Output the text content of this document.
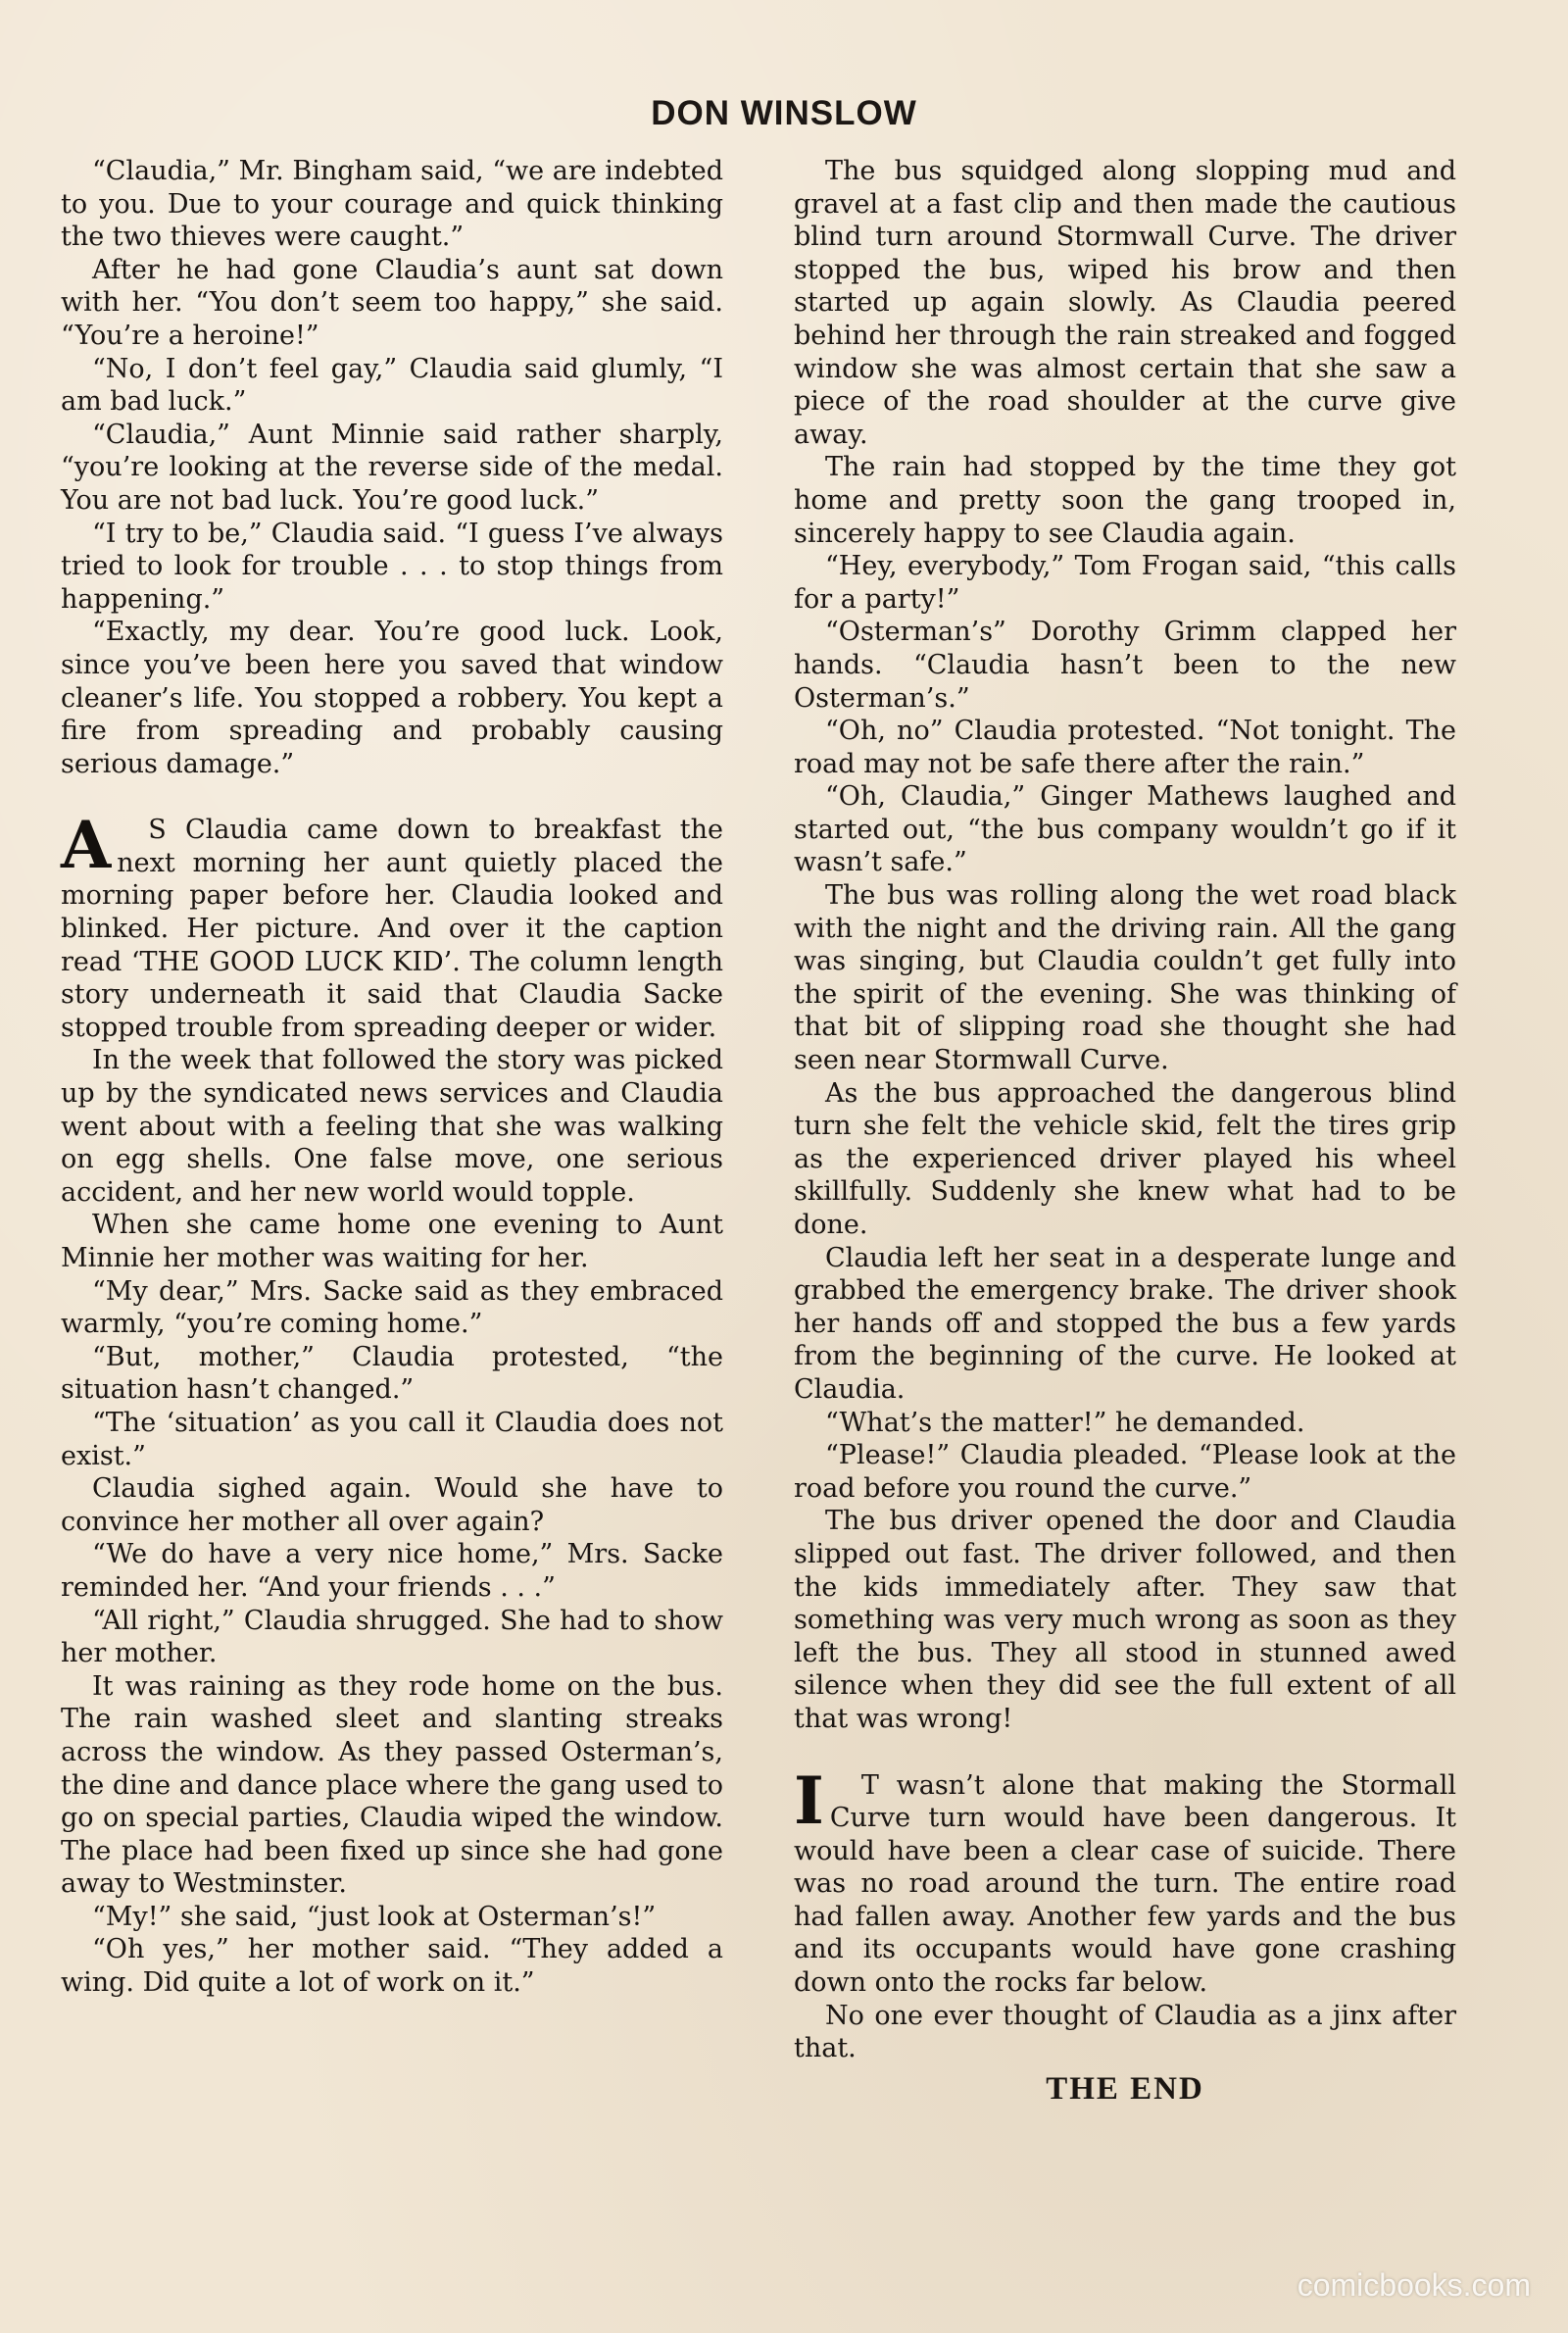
DON WINSLOW

“Claudia,” Mr. Bingham said, “we are indebted to you. Due to your courage and quick thinking the two thieves were caught.”

After he had gone Claudia’s aunt sat down with her. “You don’t seem too happy,” she said. “You’re a heroine!”

“No, I don’t feel gay,” Claudia said glumly, “I am bad luck.”

“Claudia,” Aunt Minnie said rather sharply, “you’re looking at the reverse side of the medal. You are not bad luck. You’re good luck.”

“I try to be,” Claudia said. “I guess I’ve always tried to look for trouble . . . to stop things from happening.”

“Exactly, my dear. You’re good luck. Look, since you’ve been here you saved that window cleaner’s life. You stopped a robbery. You kept a fire from spreading and probably causing serious damage.”

A S Claudia came down to breakfast the next morning her aunt quietly placed the morning paper before her. Claudia looked and blinked. Her picture. And over it the caption read ‘THE GOOD LUCK KID’. The column length story underneath it said that Claudia Sacke stopped trouble from spreading deeper or wider.

In the week that followed the story was picked up by the syndicated news services and Claudia went about with a feeling that she was walking on egg shells. One false move, one serious accident, and her new world would topple.

When she came home one evening to Aunt Minnie her mother was waiting for her.

“My dear,” Mrs. Sacke said as they embraced warmly, “you’re coming home.”

“But, mother,” Claudia protested, “the situation hasn’t changed.”

“The ‘situation’ as you call it Claudia does not exist.”

Claudia sighed again. Would she have to convince her mother all over again?

“We do have a very nice home,” Mrs. Sacke reminded her. “And your friends . . .”

“All right,” Claudia shrugged. She had to show her mother.

It was raining as they rode home on the bus. The rain washed sleet and slanting streaks across the window. As they passed Osterman’s, the dine and dance place where the gang used to go on special parties, Claudia wiped the window. The place had been fixed up since she had gone away to Westminster.

“My!” she said, “just look at Osterman’s!”

“Oh yes,” her mother said. “They added a wing. Did quite a lot of work on it.”

The bus squidged along slopping mud and gravel at a fast clip and then made the cautious blind turn around Stormwall Curve. The driver stopped the bus, wiped his brow and then started up again slowly. As Claudia peered behind her through the rain streaked and fogged window she was almost certain that she saw a piece of the road shoulder at the curve give away.

The rain had stopped by the time they got home and pretty soon the gang trooped in, sincerely happy to see Claudia again.

“Hey, everybody,” Tom Frogan said, “this calls for a party!”

“Osterman’s” Dorothy Grimm clapped her hands. “Claudia hasn’t been to the new Osterman’s.”

“Oh, no” Claudia protested. “Not tonight. The road may not be safe there after the rain.”

“Oh, Claudia,” Ginger Mathews laughed and started out, “the bus company wouldn’t go if it wasn’t safe.”

The bus was rolling along the wet road black with the night and the driving rain. All the gang was singing, but Claudia couldn’t get fully into the spirit of the evening. She was thinking of that bit of slipping road she thought she had seen near Stormwall Curve.

As the bus approached the dangerous blind turn she felt the vehicle skid, felt the tires grip as the experienced driver played his wheel skillfully. Suddenly she knew what had to be done.

Claudia left her seat in a desperate lunge and grabbed the emergency brake. The driver shook her hands off and stopped the bus a few yards from the beginning of the curve. He looked at Claudia.

“What’s the matter!” he demanded.

“Please!” Claudia pleaded. “Please look at the road before you round the curve.”

The bus driver opened the door and Claudia slipped out fast. The driver followed, and then the kids immediately after. They saw that something was very much wrong as soon as they left the bus. They all stood in stunned awed silence when they did see the full extent of all that was wrong!

I T wasn’t alone that making the Stormall Curve turn would have been dangerous. It would have been a clear case of suicide. There was no road around the turn. The entire road had fallen away. Another few yards and the bus and its occupants would have gone crashing down onto the rocks far below.

No one ever thought of Claudia as a jinx after that.

THE END
comicbooks.com
